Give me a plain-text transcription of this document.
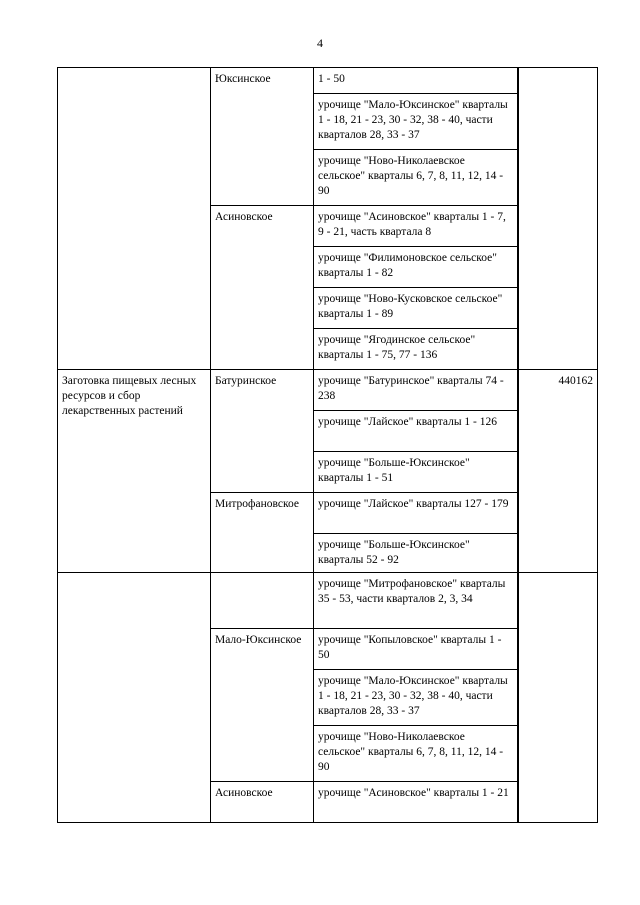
4
	Юксинское	1 - 50	
		урочище "Мало-Юксинское" кварталы 1 - 18, 21 - 23, 30 - 32, 38 - 40, части кварталов 28, 33 - 37	
		урочище "Ново-Николаевское сельское" кварталы 6, 7, 8, 11, 12, 14 - 90	
	Асиновское	урочище "Асиновское" кварталы 1 - 7, 9 - 21, часть квартала 8	
		урочище "Филимоновское сельское" кварталы 1 - 82	
		урочище "Ново-Кусковское сельское" кварталы 1 - 89	
		урочище "Ягодинское сельское" кварталы 1 - 75, 77 - 136	
Заготовка пищевых лесных ресурсов и сбор лекарственных растений	Батуринское	урочище "Батуринское" кварталы 74 - 238	440162
		урочище "Лайское" кварталы 1 - 126	
		урочище "Больше-Юксинское" кварталы 1 - 51	
	Митрофановское	урочище "Лайское" кварталы 127 - 179	
		урочище "Больше-Юксинское" кварталы 52 - 92	
		урочище "Митрофановское" кварталы 35 - 53, части кварталов 2, 3, 34	
	Мало-Юксинское	урочище "Копыловское" кварталы 1 - 50	
		урочище "Мало-Юксинское" кварталы 1 - 18, 21 - 23, 30 - 32, 38 - 40, части кварталов 28, 33 - 37	
		урочище "Ново-Николаевское сельское" кварталы 6, 7, 8, 11, 12, 14 - 90	
	Асиновское	урочище "Асиновское" кварталы 1 - 21	
